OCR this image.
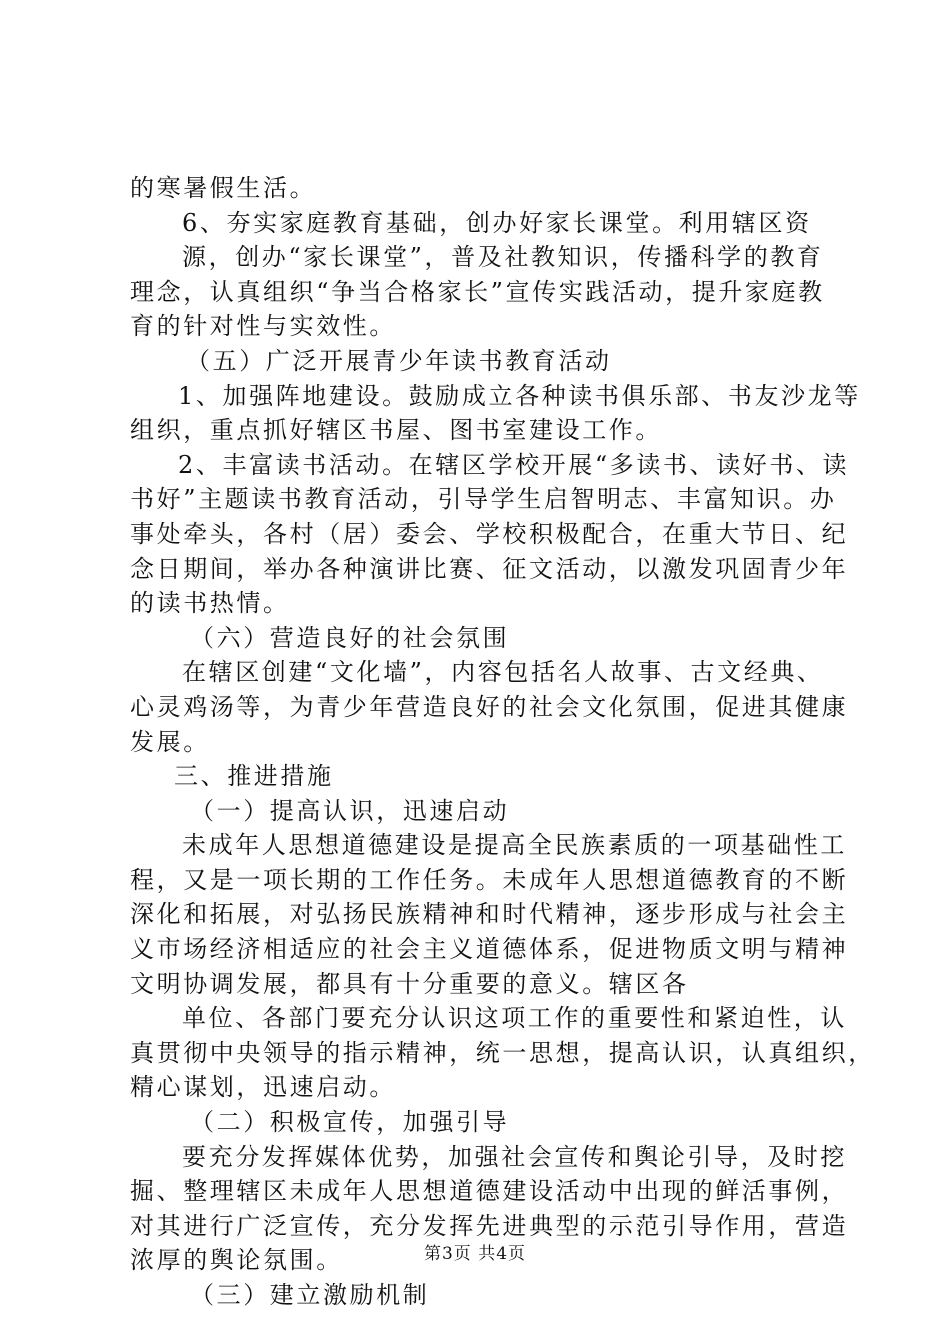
的寒暑假生活。
6、夯实家庭教育基础，创办好家长课堂。利用辖区资
源，创办“家长课堂”，普及社教知识，传播科学的教育
理念，认真组织“争当合格家长”宣传实践活动，提升家庭教
育的针对性与实效性。
（五）广泛开展青少年读书教育活动
1、加强阵地建设。鼓励成立各种读书俱乐部、书友沙龙等
组织，重点抓好辖区书屋、图书室建设工作。
2、丰富读书活动。在辖区学校开展“多读书、读好书、读
书好”主题读书教育活动，引导学生启智明志、丰富知识。办
事处牵头，各村（居）委会、学校积极配合，在重大节日、纪
念日期间，举办各种演讲比赛、征文活动，以激发巩固青少年
的读书热情。
（六）营造良好的社会氛围
在辖区创建“文化墙”，内容包括名人故事、古文经典、
心灵鸡汤等，为青少年营造良好的社会文化氛围，促进其健康
发展。
三、推进措施
（一）提高认识，迅速启动
未成年人思想道德建设是提高全民族素质的一项基础性工
程，又是一项长期的工作任务。未成年人思想道德教育的不断
深化和拓展，对弘扬民族精神和时代精神，逐步形成与社会主
义市场经济相适应的社会主义道德体系，促进物质文明与精神
文明协调发展，都具有十分重要的意义。辖区各
单位、各部门要充分认识这项工作的重要性和紧迫性，认
真贯彻中央领导的指示精神，统一思想，提高认识，认真组织，
精心谋划，迅速启动。
（二）积极宣传，加强引导
要充分发挥媒体优势，加强社会宣传和舆论引导，及时挖
掘、整理辖区未成年人思想道德建设活动中出现的鲜活事例，
对其进行广泛宣传，充分发挥先进典型的示范引导作用，营造
浓厚的舆论氛围。
（三）建立激励机制
第3页 共4页
